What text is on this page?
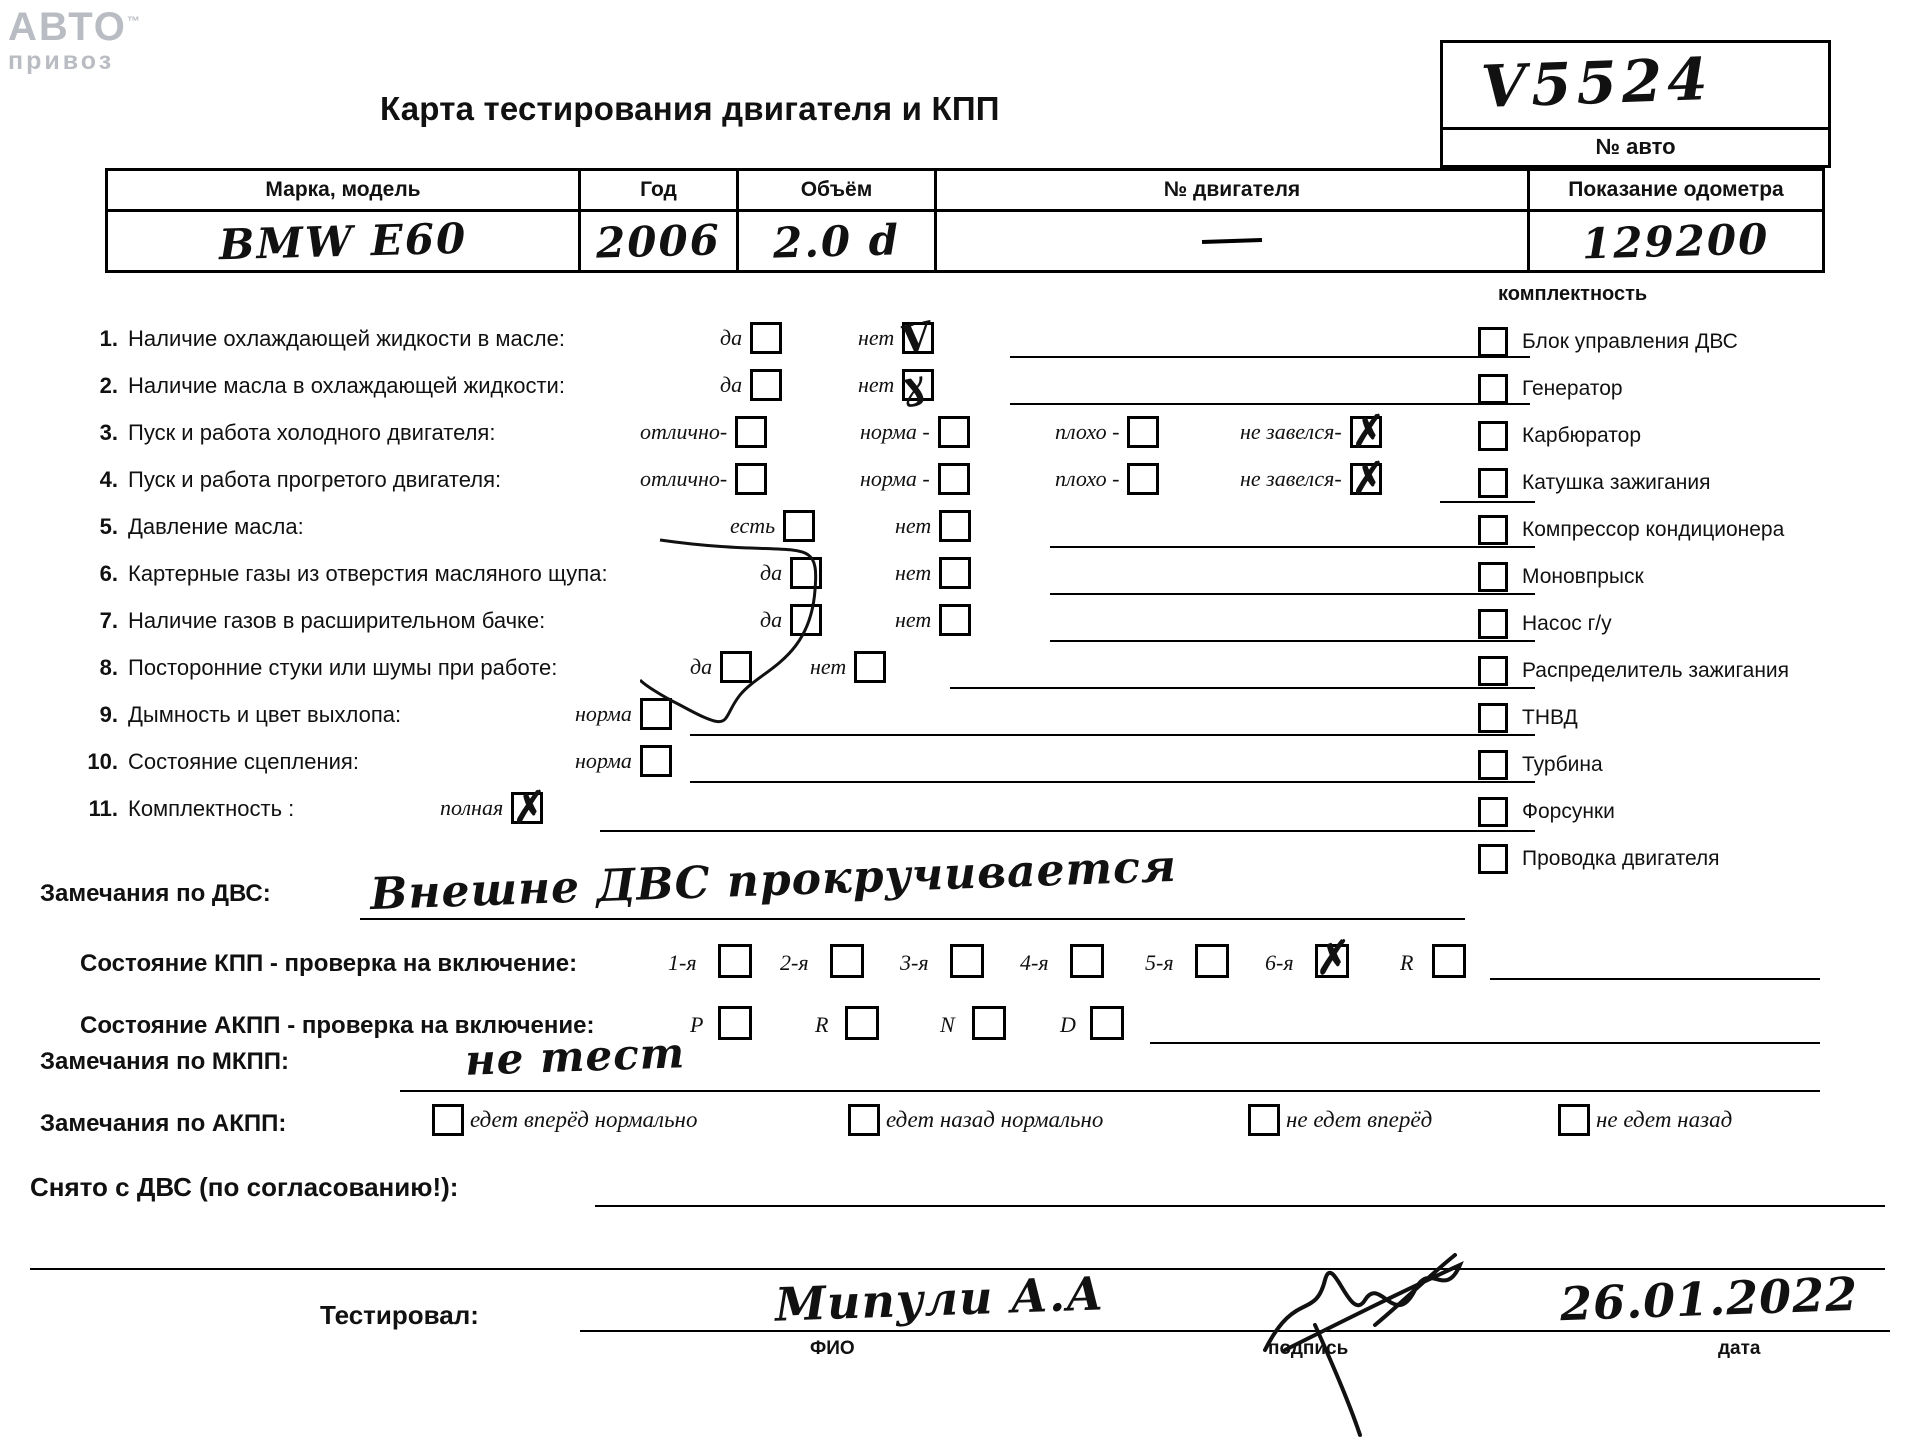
АВТО™
привоз
Карта тестирования двигателя и КПП	V5524
№ авто
Марка, модель	Год	Объём	№ двигателя	Показание одометра
BMW E60	2006	2.0 d		129200
комплектность
Блок управления ДВС
Генератор
Карбюратор
Катушка зажигания
Компрессор кондиционера
Моновпрыск
Насос г/у
Распределитель зажигания
ТНВД
Турбина
Форсунки
Проводка двигателя
1. Наличие охлаждающей жидкости в масле:	да	нет Ⅴ
2. Наличие масла в охлаждающей жидкости:	да	нет ɣ
3. Пуск и работа холодного двигателя:	отлично-	норма -	плохо -	не завелся- ✗
4. Пуск и работа прогретого двигателя:	отлично-	норма -	плохо -	не завелся- ✗
5. Давление масла:	есть	нет
6. Картерные газы из отверстия масляного щупа:	да	нет
7. Наличие газов в расширительном бачке:	да	нет
8. Посторонние стуки или шумы при работе:	да	нет
9. Дымность и цвет выхлопа:	норма
10. Состояние сцепления:	норма
11. Комплектность :	полная ✗
Замечания по ДВС: Внешне ДВС прокручивается
Состояние КПП - проверка на включение:	1-я	2-я	3-я	4-я	5-я	6-я ✗ R
Состояние АКПП - проверка на включение:	P	R	N	D
Замечания по МКПП:	не тест
Замечания по АКПП:	едет вперёд нормально	едет назад нормально	не едет вперёд	не едет назад
Снято с ДВС (по согласованию!):
Тестировал:	Мипули А.А
ФИО	подпись
26.01.2022
дата
